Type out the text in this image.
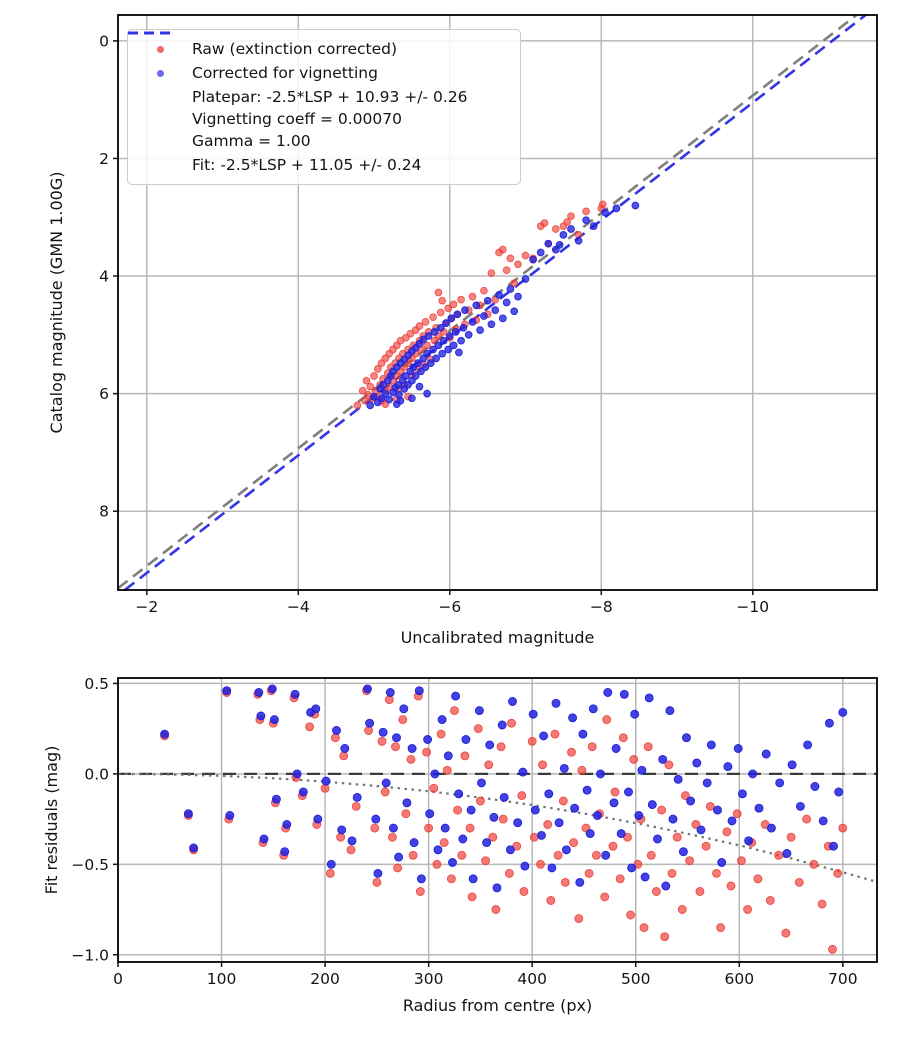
−2	−4	−6	−8	−10
0
2
4
6
8
Uncalibrated magnitude
Catalog magnitude (GMN 1.00G)
0	100	200	300	400	500	600	700
0.5
0.0
−0.5
−1.0
Radius from centre (px)
Fit residuals (mag)
Raw (extinction corrected)
Corrected for vignetting
Platepar: -2.5*LSP + 10.93 +/- 0.26
Vignetting coeff = 0.00070
Gamma = 1.00
Fit: -2.5*LSP + 11.05 +/- 0.24
